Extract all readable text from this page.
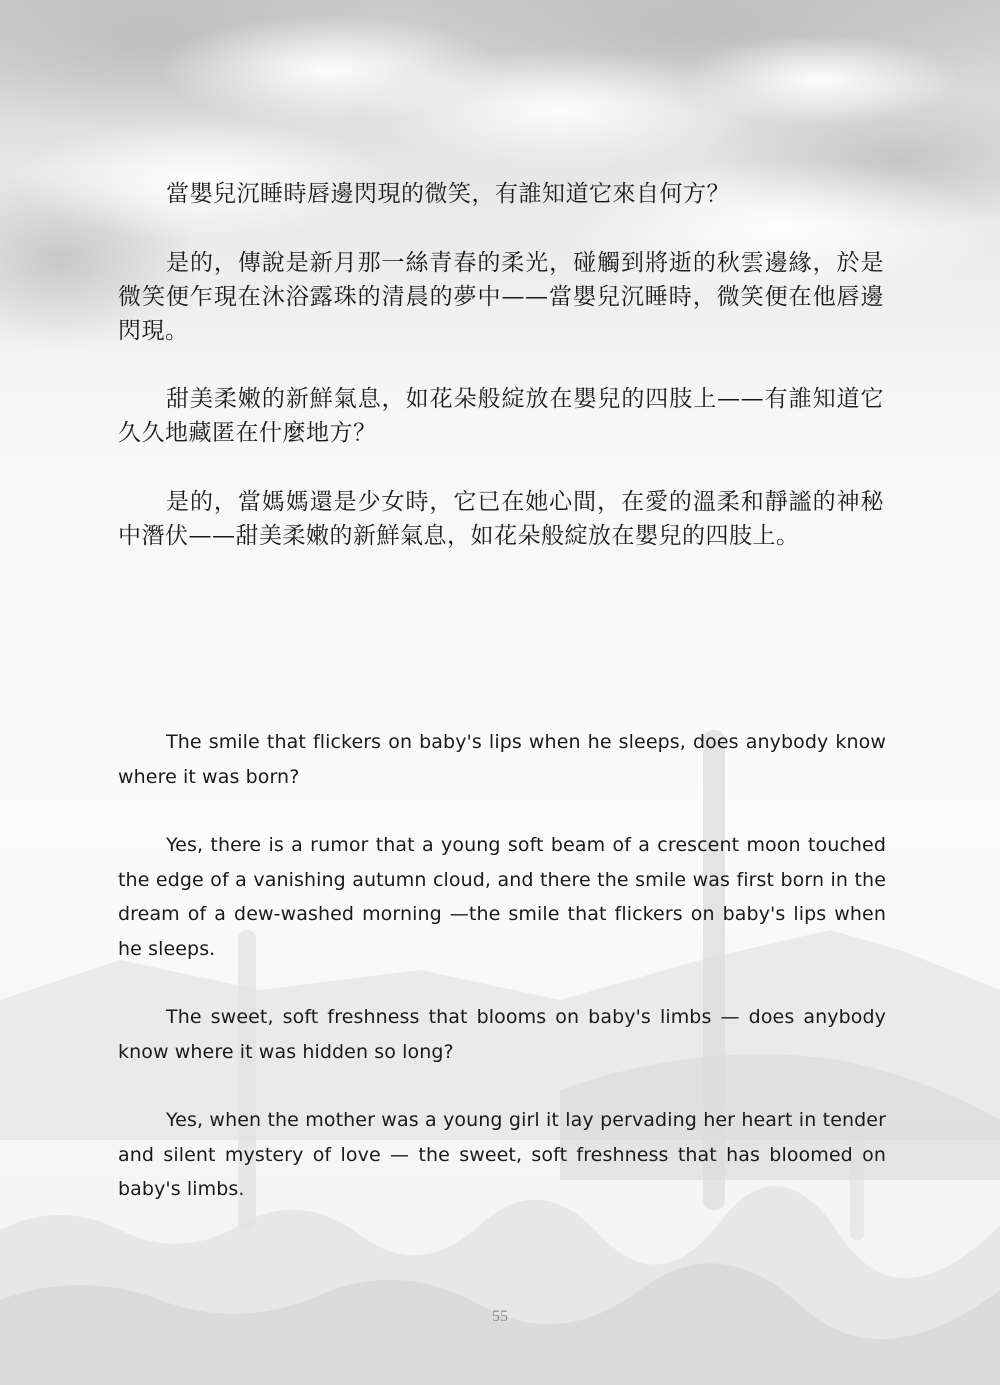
當嬰兒沉睡時唇邊閃現的微笑，有誰知道它來自何方？

是的，傳說是新月那一絲青春的柔光，碰觸到將逝的秋雲邊緣，於是微笑便乍現在沐浴露珠的清晨的夢中——當嬰兒沉睡時，微笑便在他唇邊閃現。

甜美柔嫩的新鮮氣息，如花朵般綻放在嬰兒的四肢上——有誰知道它久久地藏匿在什麼地方？

是的，當媽媽還是少女時，它已在她心間，在愛的溫柔和靜謐的神秘中潛伏——甜美柔嫩的新鮮氣息，如花朵般綻放在嬰兒的四肢上。

The smile that flickers on baby's lips when he sleeps, does anybody know where it was born?

Yes, there is a rumor that a young soft beam of a crescent moon touched the edge of a vanishing autumn cloud, and there the smile was first born in the dream of a dew-washed morning —the smile that flickers on baby's lips when he sleeps.

The sweet, soft freshness that blooms on baby's limbs — does anybody know where it was hidden so long?

Yes, when the mother was a young girl it lay pervading her heart in tender and silent mystery of love — the sweet, soft freshness that has bloomed on baby's limbs.

55
